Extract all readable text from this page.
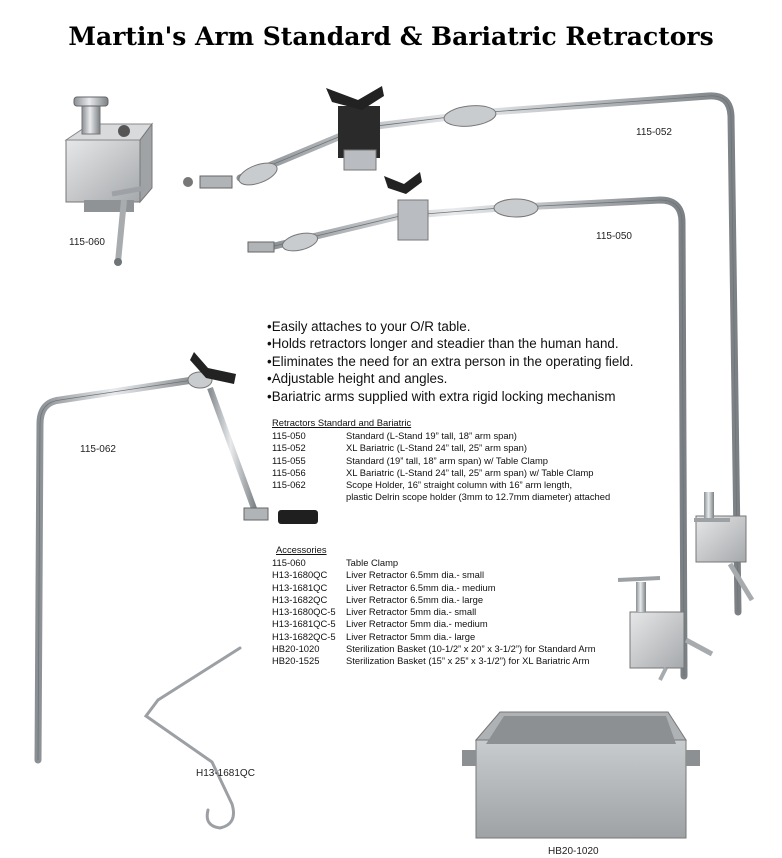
Martin's Arm Standard & Bariatric Retractors
115-060
115-052
115-050
115-062
H13-1681QC
HB20-1020
• Easily attaches to your O/R table.
• Holds retractors longer and steadier than the human hand.
• Eliminates the need for an extra person in the operating field.
• Adjustable height and angles.
• Bariatric arms supplied with extra rigid locking mechanism
Retractors Standard and Bariatric
115-050	Standard (L-Stand 19” tall, 18” arm span)
115-052	XL Bariatric (L-Stand 24” tall, 25” arm span)
115-055	Standard (19” tall, 18” arm span) w/ Table Clamp
115-056	XL Bariatric (L-Stand 24” tall, 25” arm span) w/ Table Clamp
115-062	Scope Holder, 16” straight column with 16” arm length,
	plastic Delrin scope holder (3mm to 12.7mm diameter) attached
Accessories
115-060	Table Clamp
H13-1680QC	Liver Retractor 6.5mm dia.- small
H13-1681QC	Liver Retractor 6.5mm dia.- medium
H13-1682QC	Liver Retractor 6.5mm dia.- large
H13-1680QC-5	Liver Retractor 5mm dia.- small
H13-1681QC-5	Liver Retractor 5mm dia.- medium
H13-1682QC-5	Liver Retractor 5mm dia.- large
HB20-1020	Sterilization Basket (10-1/2” x 20” x 3-1/2”) for Standard Arm
HB20-1525	Sterilization Basket (15” x 25” x 3-1/2”) for XL Bariatric Arm
